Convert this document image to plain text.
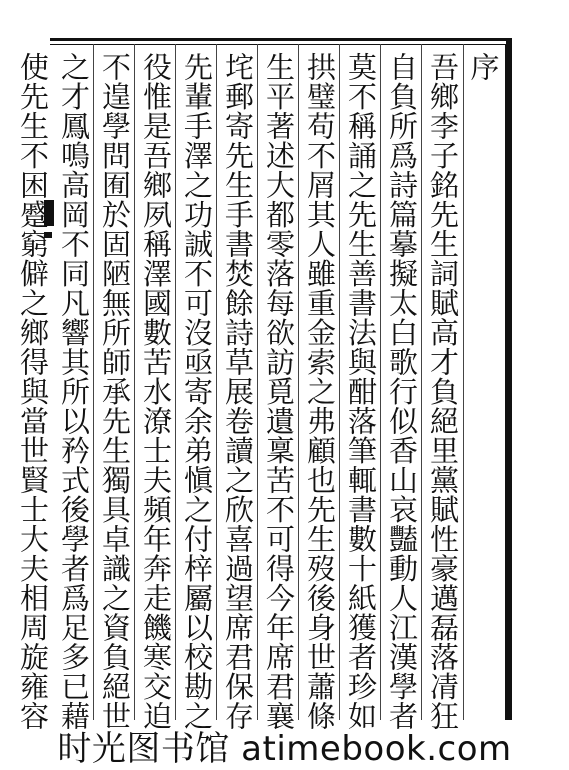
序
吾鄉李子銘先生詞賦高才負絕里黨賦性豪邁磊落凊狂
自負所爲詩篇摹擬太白歌行似香山哀豔動人江漢學者
莫不稱誦之先生善書法與酣落筆輒書數十紙獲者珍如
拱璧苟不屑其人雖重金索之弗顧也先生歿後身世蕭條
生平著述大都零落每欲訪覓遺稟苦不可得今年席君襄
垞郵寄先生手書焚餘詩草展卷讀之欣喜過望席君保存
先輩手澤之功誠不可沒亟寄余弟愼之付梓屬以校勘之
役惟是吾鄉夙稱澤國數苦水潦士夫頻年奔走饑寒交迫
不遑學問囿於固陋無所師承先生獨具卓識之資負絕世
之才鳳鳴高岡不同凡響其所以矜式後學者爲足多已藉
使先生不困蹙窮僻之鄉得與當世賢士大夫相周旋雍容
时光图书馆 atimebook.com
